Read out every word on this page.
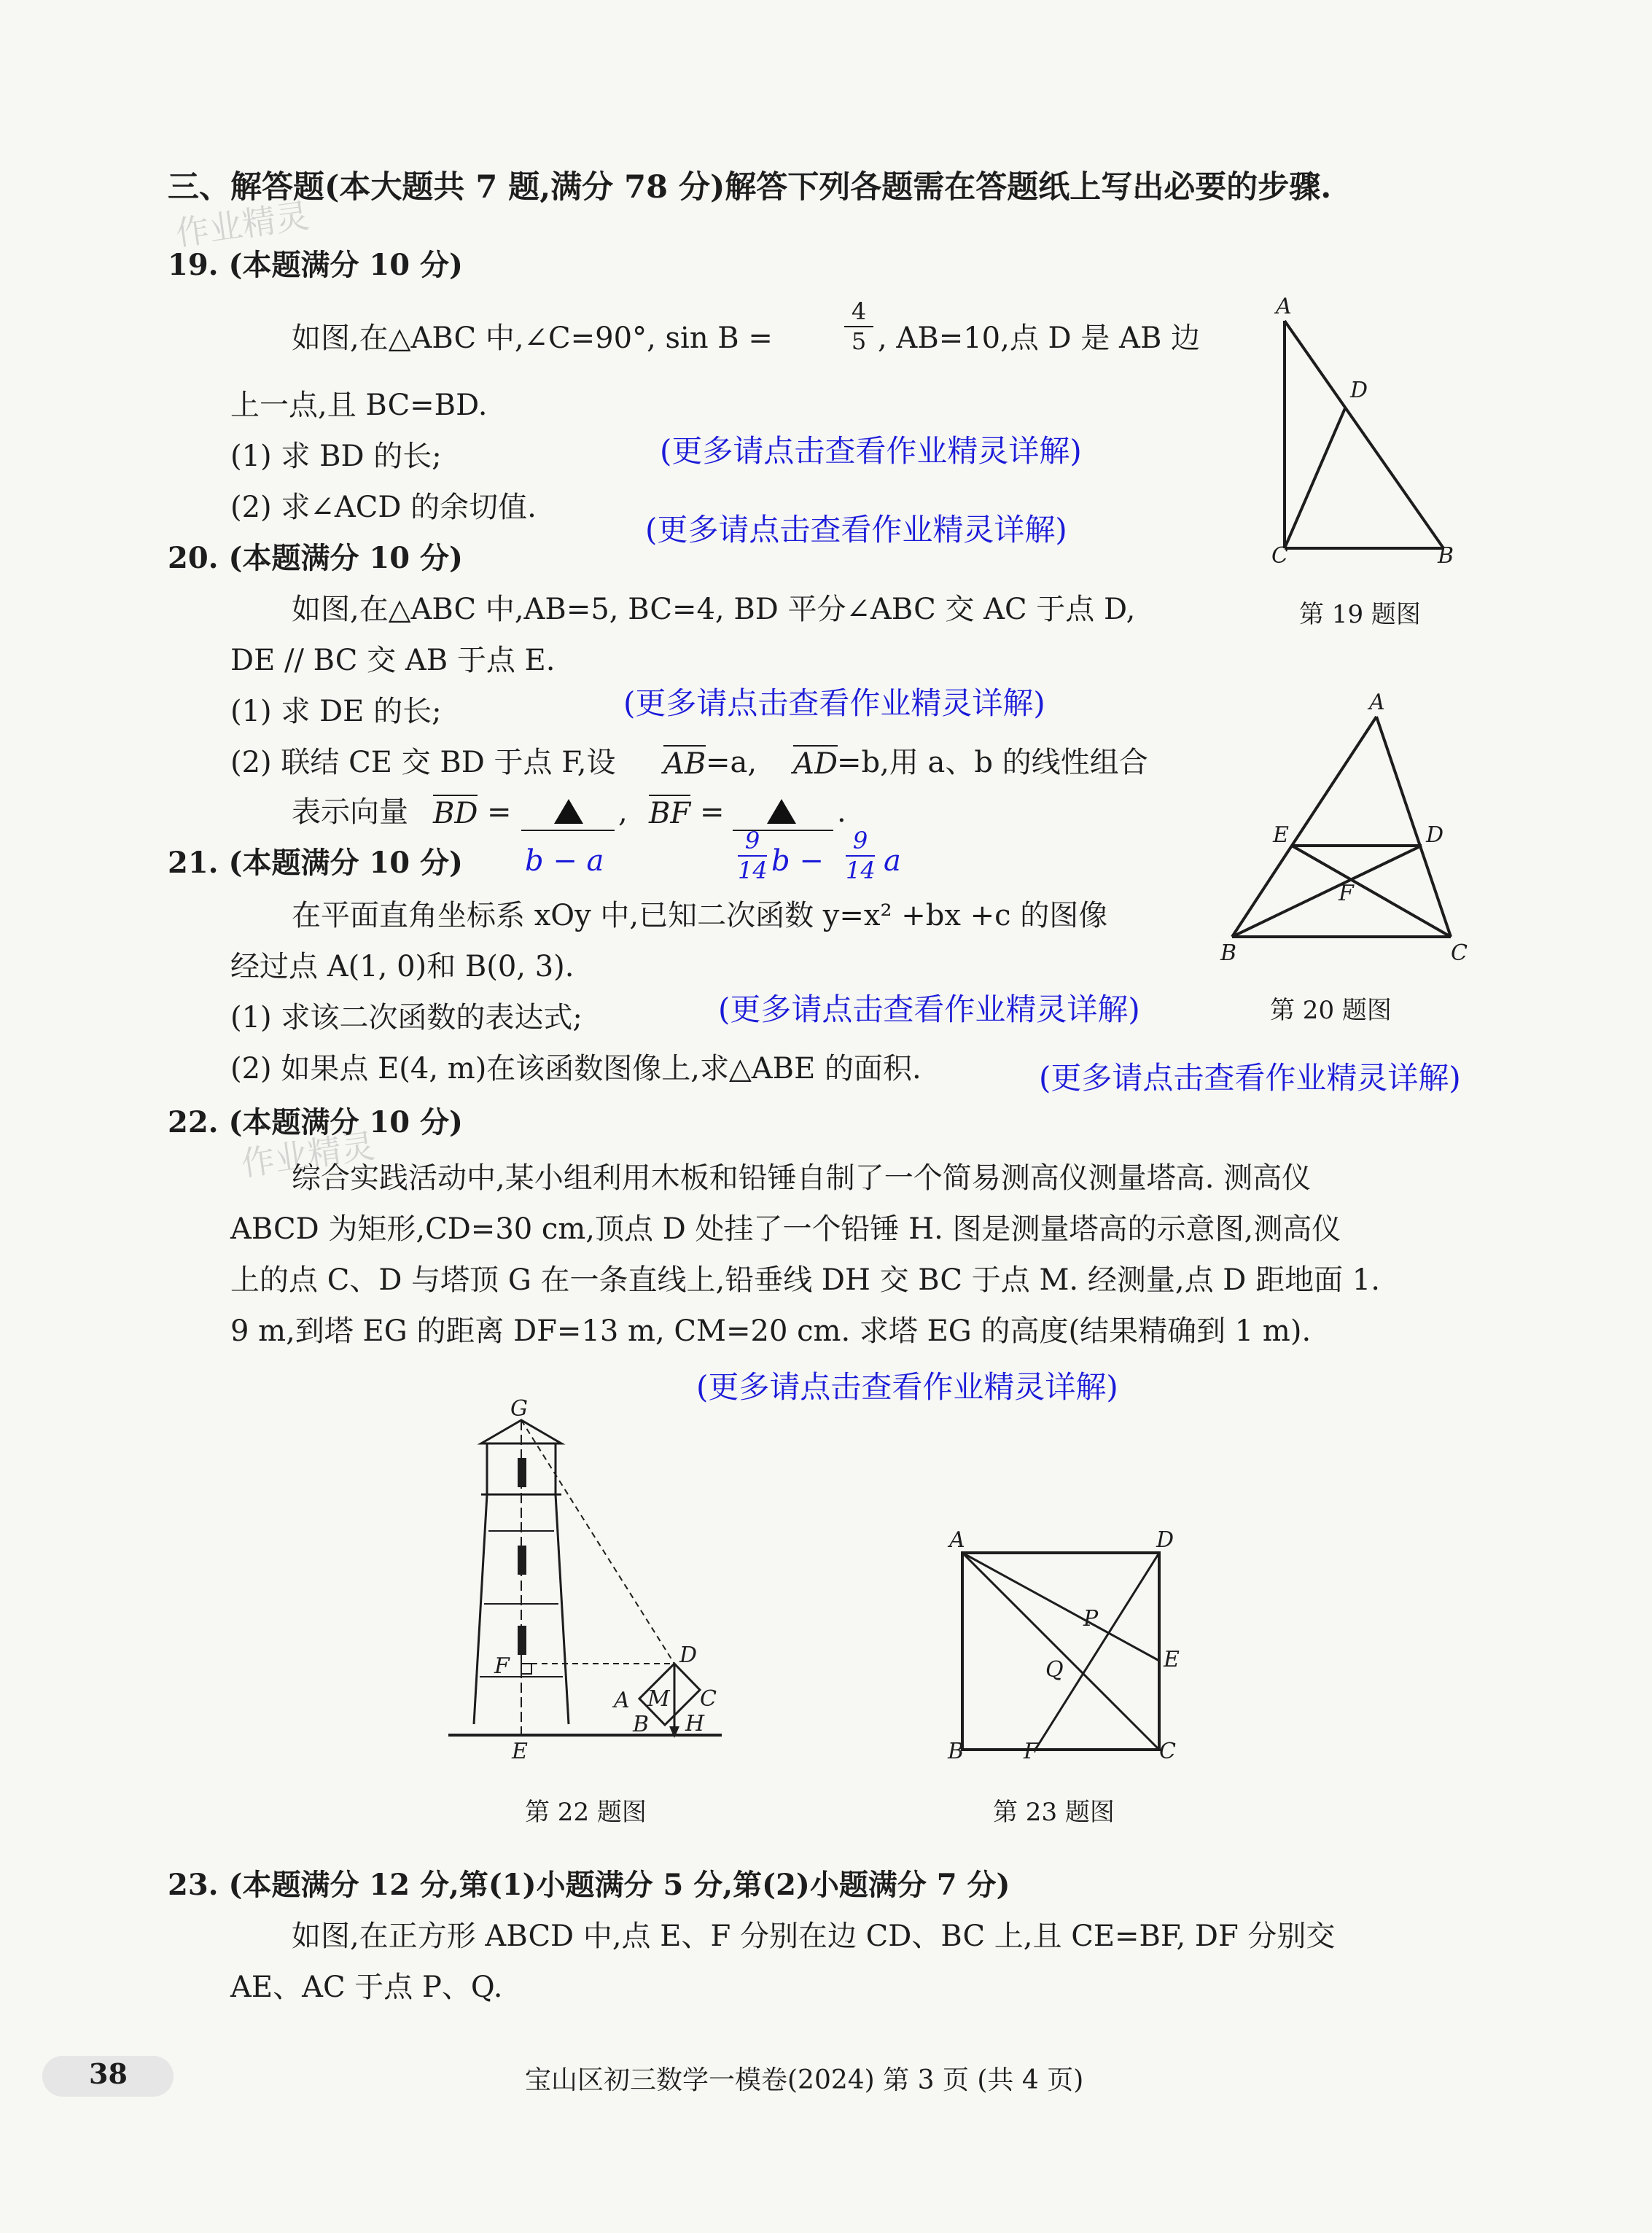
三、解答题(本大题共 7 题,满分 78 分)解答下列各题需在答题纸上写出必要的步骤.
作业精灵
19. (本题满分 10 分)
如图,在△ABC 中,∠C=90°, sin B =
4
5 , AB=10,点 D 是 AB 边
上一点,且 BC=BD.
(1) 求 BD 的长;	(更多请点击查看作业精灵详解)
(2) 求∠ACD 的余切值.
(更多请点击查看作业精灵详解)
A
D
C	B
第 19 题图
20. (本题满分 10 分)
如图,在△ABC 中,AB=5, BC=4, BD 平分∠ABC 交 AC 于点 D,
DE // BC 交 AB 于点 E.
(1) 求 DE 的长;	(更多请点击查看作业精灵详解)
(2) 联结 CE 交 BD 于点 F,设 AB =a, AD =b,用 a、b 的线性组合
表示向量 BD =	, BF =	.
b − a
9
14 b −
9
14 a
A
E	D
F
B	C
第 20 题图
21. (本题满分 10 分)
在平面直角坐标系 xOy 中,已知二次函数 y=x² +bx +c 的图像
经过点 A(1, 0)和 B(0, 3).
(1) 求该二次函数的表达式;	(更多请点击查看作业精灵详解)
(2) 如果点 E(4, m)在该函数图像上,求△ABE 的面积.	(更多请点击查看作业精灵详解)
22. (本题满分 10 分)
作业精灵
综合实践活动中,某小组利用木板和铅锤自制了一个简易测高仪测量塔高. 测高仪
ABCD 为矩形,CD=30 cm,顶点 D 处挂了一个铅锤 H. 图是测量塔高的示意图,测高仪
上的点 C、D 与塔顶 G 在一条直线上,铅垂线 DH 交 BC 于点 M. 经测量,点 D 距地面 1.
9 m,到塔 EG 的距离 DF=13 m, CM=20 cm. 求塔 EG 的高度(结果精确到 1 m).
(更多请点击查看作业精灵详解)
G
F	D
A M C
B H
E
第 22 题图
A	D
B	C
F
E
P
Q
第 23 题图
23. (本题满分 12 分,第(1)小题满分 5 分,第(2)小题满分 7 分)
如图,在正方形 ABCD 中,点 E、F 分别在边 CD、BC 上,且 CE=BF, DF 分别交
AE、AC 于点 P、Q.
38	宝山区初三数学一模卷(2024) 第 3 页 (共 4 页)
